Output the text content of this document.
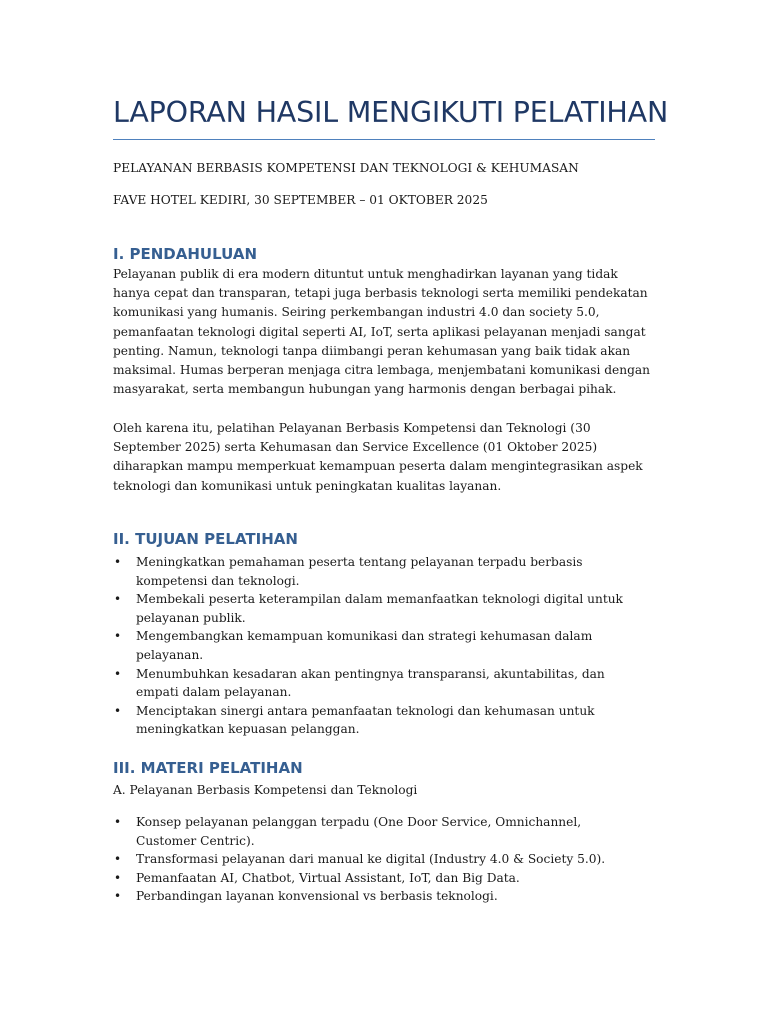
LAPORAN HASIL MENGIKUTI PELATIHAN
PELAYANAN BERBASIS KOMPETENSI DAN TEKNOLOGI & KEHUMASAN
FAVE HOTEL KEDIRI, 30 SEPTEMBER – 01 OKTOBER 2025
I. PENDAHULUAN

Pelayanan publik di era modern dituntut untuk menghadirkan layanan yang tidak hanya cepat dan transparan, tetapi juga berbasis teknologi serta memiliki pendekatan komunikasi yang humanis. Seiring perkembangan industri 4.0 dan society 5.0, pemanfaatan teknologi digital seperti AI, IoT, serta aplikasi pelayanan menjadi sangat penting. Namun, teknologi tanpa diimbangi peran kehumasan yang baik tidak akan maksimal. Humas berperan menjaga citra lembaga, menjembatani komunikasi dengan masyarakat, serta membangun hubungan yang harmonis dengan berbagai pihak.

Oleh karena itu, pelatihan Pelayanan Berbasis Kompetensi dan Teknologi (30 September 2025) serta Kehumasan dan Service Excellence (01 Oktober 2025) diharapkan mampu memperkuat kemampuan peserta dalam mengintegrasikan aspek teknologi dan komunikasi untuk peningkatan kualitas layanan.

II. TUJUAN PELATIHAN
• Meningkatkan pemahaman peserta tentang pelayanan terpadu berbasis kompetensi dan teknologi.
• Membekali peserta keterampilan dalam memanfaatkan teknologi digital untuk pelayanan publik.
• Mengembangkan kemampuan komunikasi dan strategi kehumasan dalam pelayanan.
• Menumbuhkan kesadaran akan pentingnya transparansi, akuntabilitas, dan empati dalam pelayanan.
• Menciptakan sinergi antara pemanfaatan teknologi dan kehumasan untuk meningkatkan kepuasan pelanggan.
III. MATERI PELATIHAN
A. Pelayanan Berbasis Kompetensi dan Teknologi
• Konsep pelayanan pelanggan terpadu (One Door Service, Omnichannel, Customer Centric).
• Transformasi pelayanan dari manual ke digital (Industry 4.0 & Society 5.0).
• Pemanfaatan AI, Chatbot, Virtual Assistant, IoT, dan Big Data.
• Perbandingan layanan konvensional vs berbasis teknologi.
